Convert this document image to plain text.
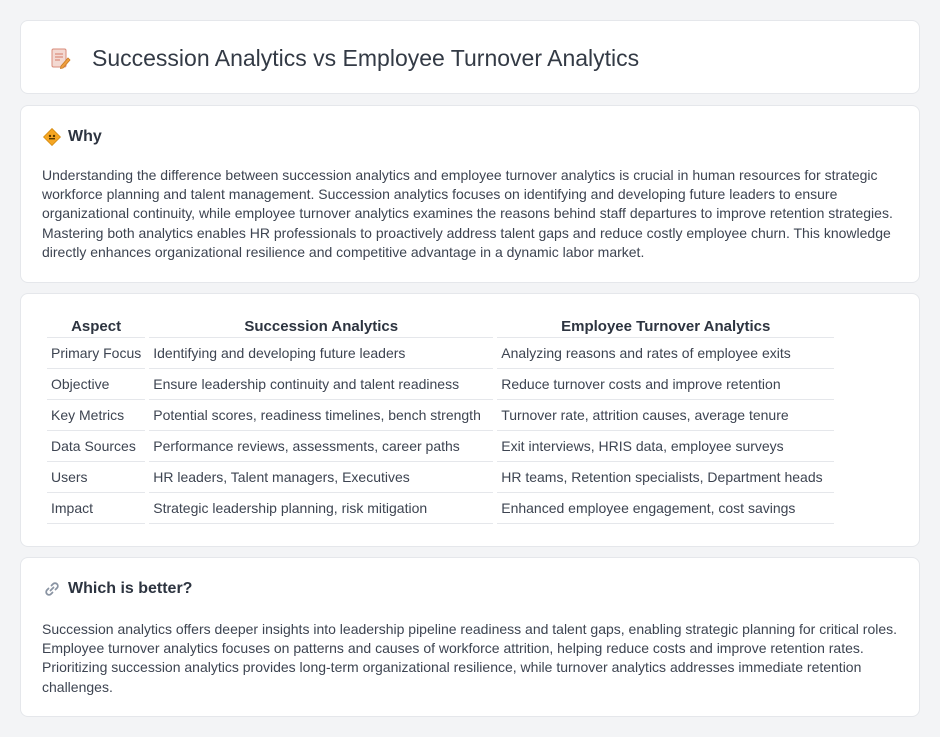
Succession Analytics vs Employee Turnover Analytics
Why

Understanding the difference between succession analytics and employee turnover analytics is crucial in human resources for strategic workforce planning and talent management. Succession analytics focuses on identifying and developing future leaders to ensure organizational continuity, while employee turnover analytics examines the reasons behind staff departures to improve retention strategies. Mastering both analytics enables HR professionals to proactively address talent gaps and reduce costly employee churn. This knowledge directly enhances organizational resilience and competitive advantage in a dynamic labor market.

Aspect	Succession Analytics	Employee Turnover Analytics
Primary Focus	Identifying and developing future leaders	Analyzing reasons and rates of employee exits
Objective	Ensure leadership continuity and talent readiness	Reduce turnover costs and improve retention
Key Metrics	Potential scores, readiness timelines, bench strength	Turnover rate, attrition causes, average tenure
Data Sources	Performance reviews, assessments, career paths	Exit interviews, HRIS data, employee surveys
Users	HR leaders, Talent managers, Executives	HR teams, Retention specialists, Department heads
Impact	Strategic leadership planning, risk mitigation	Enhanced employee engagement, cost savings
Which is better?

Succession analytics offers deeper insights into leadership pipeline readiness and talent gaps, enabling strategic planning for critical roles. Employee turnover analytics focuses on patterns and causes of workforce attrition, helping reduce costs and improve retention rates. Prioritizing succession analytics provides long-term organizational resilience, while turnover analytics addresses immediate retention challenges.
